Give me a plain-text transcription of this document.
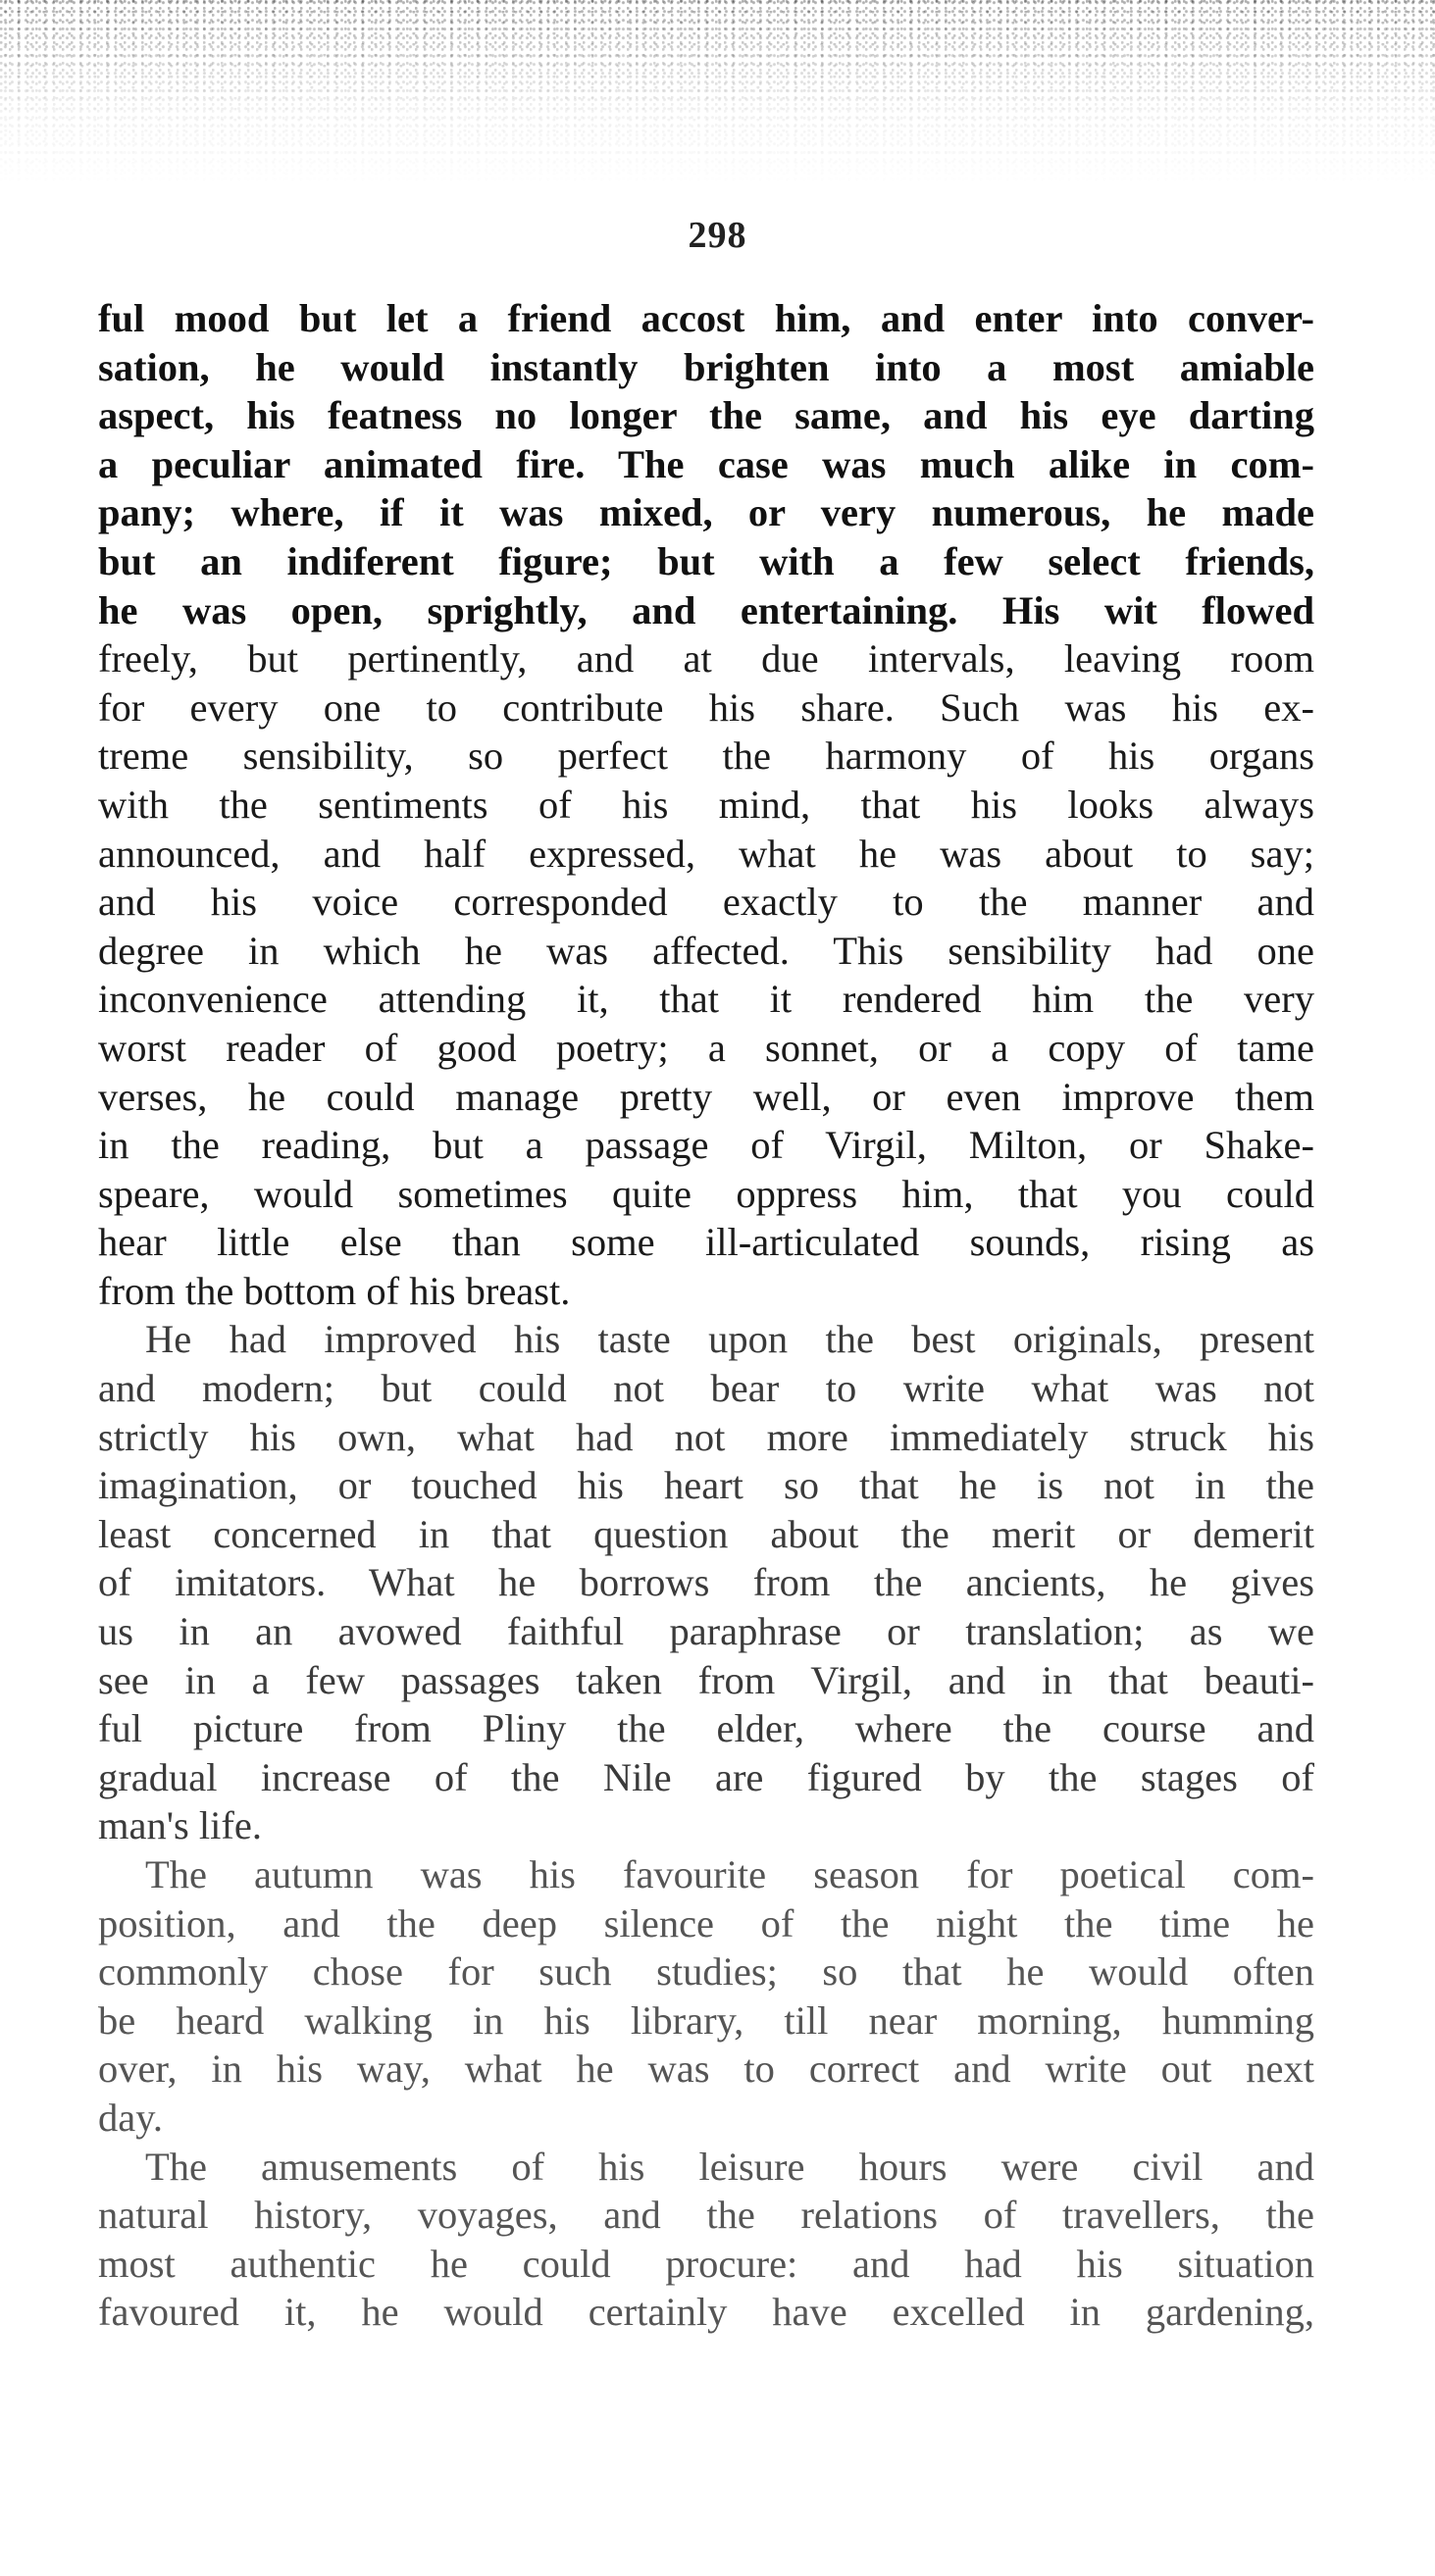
298
ful mood but let a friend accost him, and enter into conver-
sation, he would instantly brighten into a most amiable
aspect, his featness no longer the same, and his eye darting
a peculiar animated fire. The case was much alike in com-
pany; where, if it was mixed, or very numerous, he made
but an indiferent figure; but with a few select friends,
he was open, sprightly, and entertaining. His wit flowed
freely, but pertinently, and at due intervals, leaving room
for every one to contribute his share. Such was his ex-
treme sensibility, so perfect the harmony of his organs
with the sentiments of his mind, that his looks always
announced, and half expressed, what he was about to say;
and his voice corresponded exactly to the manner and
degree in which he was affected. This sensibility had one
inconvenience attending it, that it rendered him the very
worst reader of good poetry; a sonnet, or a copy of tame
verses, he could manage pretty well, or even improve them
in the reading, but a passage of Virgil, Milton, or Shake-
speare, would sometimes quite oppress him, that you could
hear little else than some ill-articulated sounds, rising as
from the bottom of his breast.
He had improved his taste upon the best originals, present
and modern; but could not bear to write what was not
strictly his own, what had not more immediately struck his
imagination, or touched his heart so that he is not in the
least concerned in that question about the merit or demerit
of imitators. What he borrows from the ancients, he gives
us in an avowed faithful paraphrase or translation; as we
see in a few passages taken from Virgil, and in that beauti-
ful picture from Pliny the elder, where the course and
gradual increase of the Nile are figured by the stages of
man's life.
The autumn was his favourite season for poetical com-
position, and the deep silence of the night the time he
commonly chose for such studies; so that he would often
be heard walking in his library, till near morning, humming
over, in his way, what he was to correct and write out next
day.
The amusements of his leisure hours were civil and
natural history, voyages, and the relations of travellers, the
most authentic he could procure: and had his situation
favoured it, he would certainly have excelled in gardening,
